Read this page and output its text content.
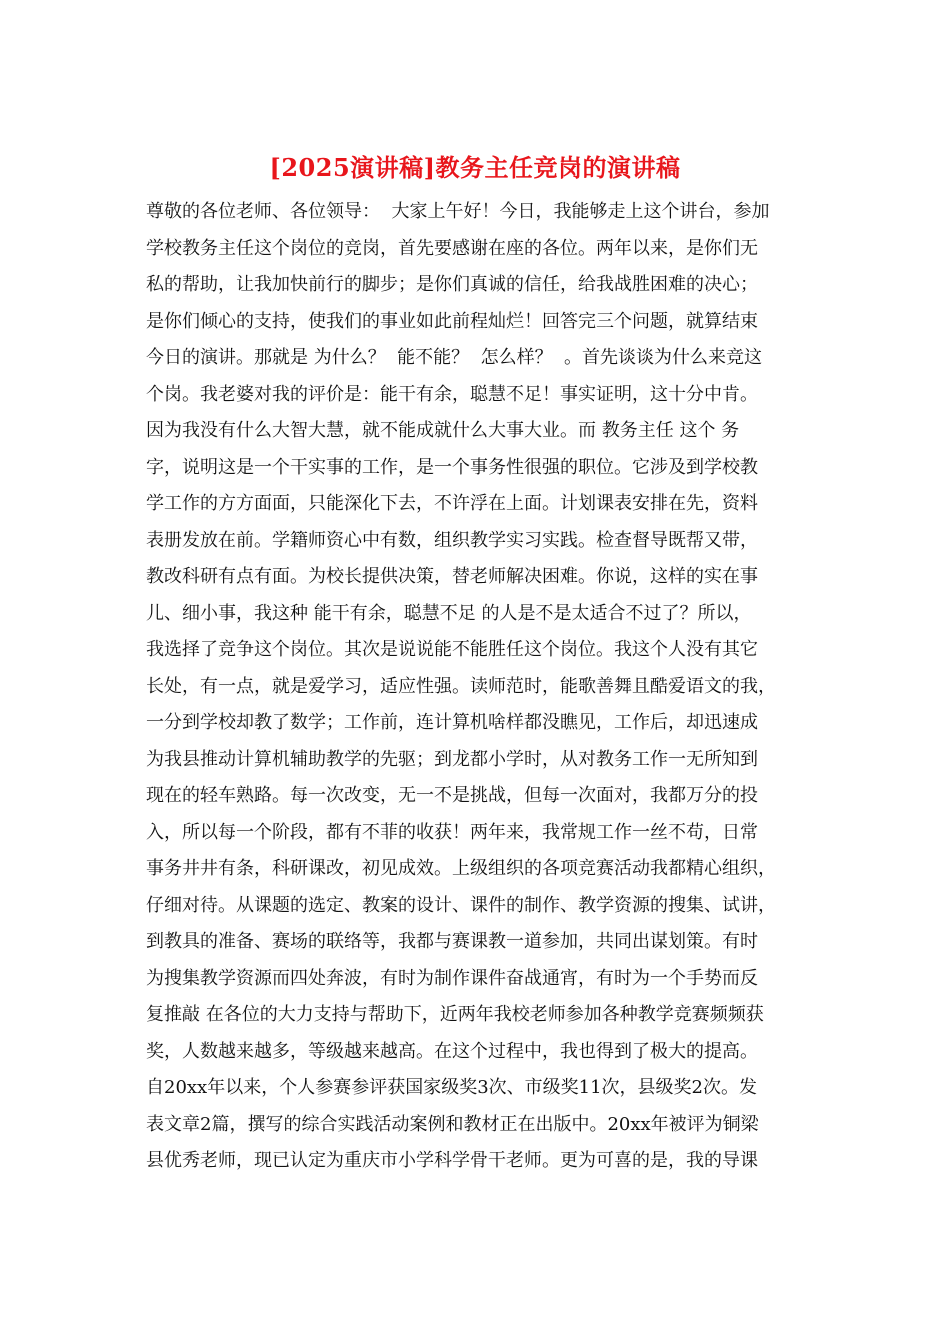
[2025演讲稿]教务主任竞岗的演讲稿
尊敬的各位老师、各位领导：  大家上午好！今日，我能够走上这个讲台，参加
学校教务主任这个岗位的竞岗，首先要感谢在座的各位。两年以来，是你们无
私的帮助，让我加快前行的脚步；是你们真诚的信任，给我战胜困难的决心；
是你们倾心的支持，使我们的事业如此前程灿烂！回答完三个问题，就算结束
今日的演讲。那就是 为什么？  能不能？  怎么样？  。首先谈谈为什么来竞这
个岗。我老婆对我的评价是：能干有余，聪慧不足！事实证明，这十分中肯。
因为我没有什么大智大慧，就不能成就什么大事大业。而 教务主任 这个 务
字，说明这是一个干实事的工作，是一个事务性很强的职位。它涉及到学校教
学工作的方方面面，只能深化下去，不许浮在上面。计划课表安排在先，资料
表册发放在前。学籍师资心中有数，组织教学实习实践。检查督导既帮又带，
教改科研有点有面。为校长提供决策，替老师解决困难。你说，这样的实在事
儿、细小事，我这种 能干有余，聪慧不足 的人是不是太适合不过了？所以，
我选择了竞争这个岗位。其次是说说能不能胜任这个岗位。我这个人没有其它
长处，有一点，就是爱学习，适应性强。读师范时，能歌善舞且酷爱语文的我，
一分到学校却教了数学；工作前，连计算机啥样都没瞧见，工作后，却迅速成
为我县推动计算机辅助教学的先驱；到龙都小学时，从对教务工作一无所知到
现在的轻车熟路。每一次改变，无一不是挑战，但每一次面对，我都万分的投
入，所以每一个阶段，都有不菲的收获！两年来，我常规工作一丝不苟，日常
事务井井有条，科研课改，初见成效。上级组织的各项竞赛活动我都精心组织，
仔细对待。从课题的选定、教案的设计、课件的制作、教学资源的搜集、试讲，
到教具的准备、赛场的联络等，我都与赛课教一道参加，共同出谋划策。有时
为搜集教学资源而四处奔波，有时为制作课件奋战通宵，有时为一个手势而反
复推敲 在各位的大力支持与帮助下，近两年我校老师参加各种教学竞赛频频获
奖，人数越来越多，等级越来越高。在这个过程中，我也得到了极大的提高。
自20xx年以来，个人参赛参评获国家级奖3次、市级奖11次，县级奖2次。发
表文章2篇，撰写的综合实践活动案例和教材正在出版中。20xx年被评为铜梁
县优秀老师，现已认定为重庆市小学科学骨干老师。更为可喜的是，我的导课
